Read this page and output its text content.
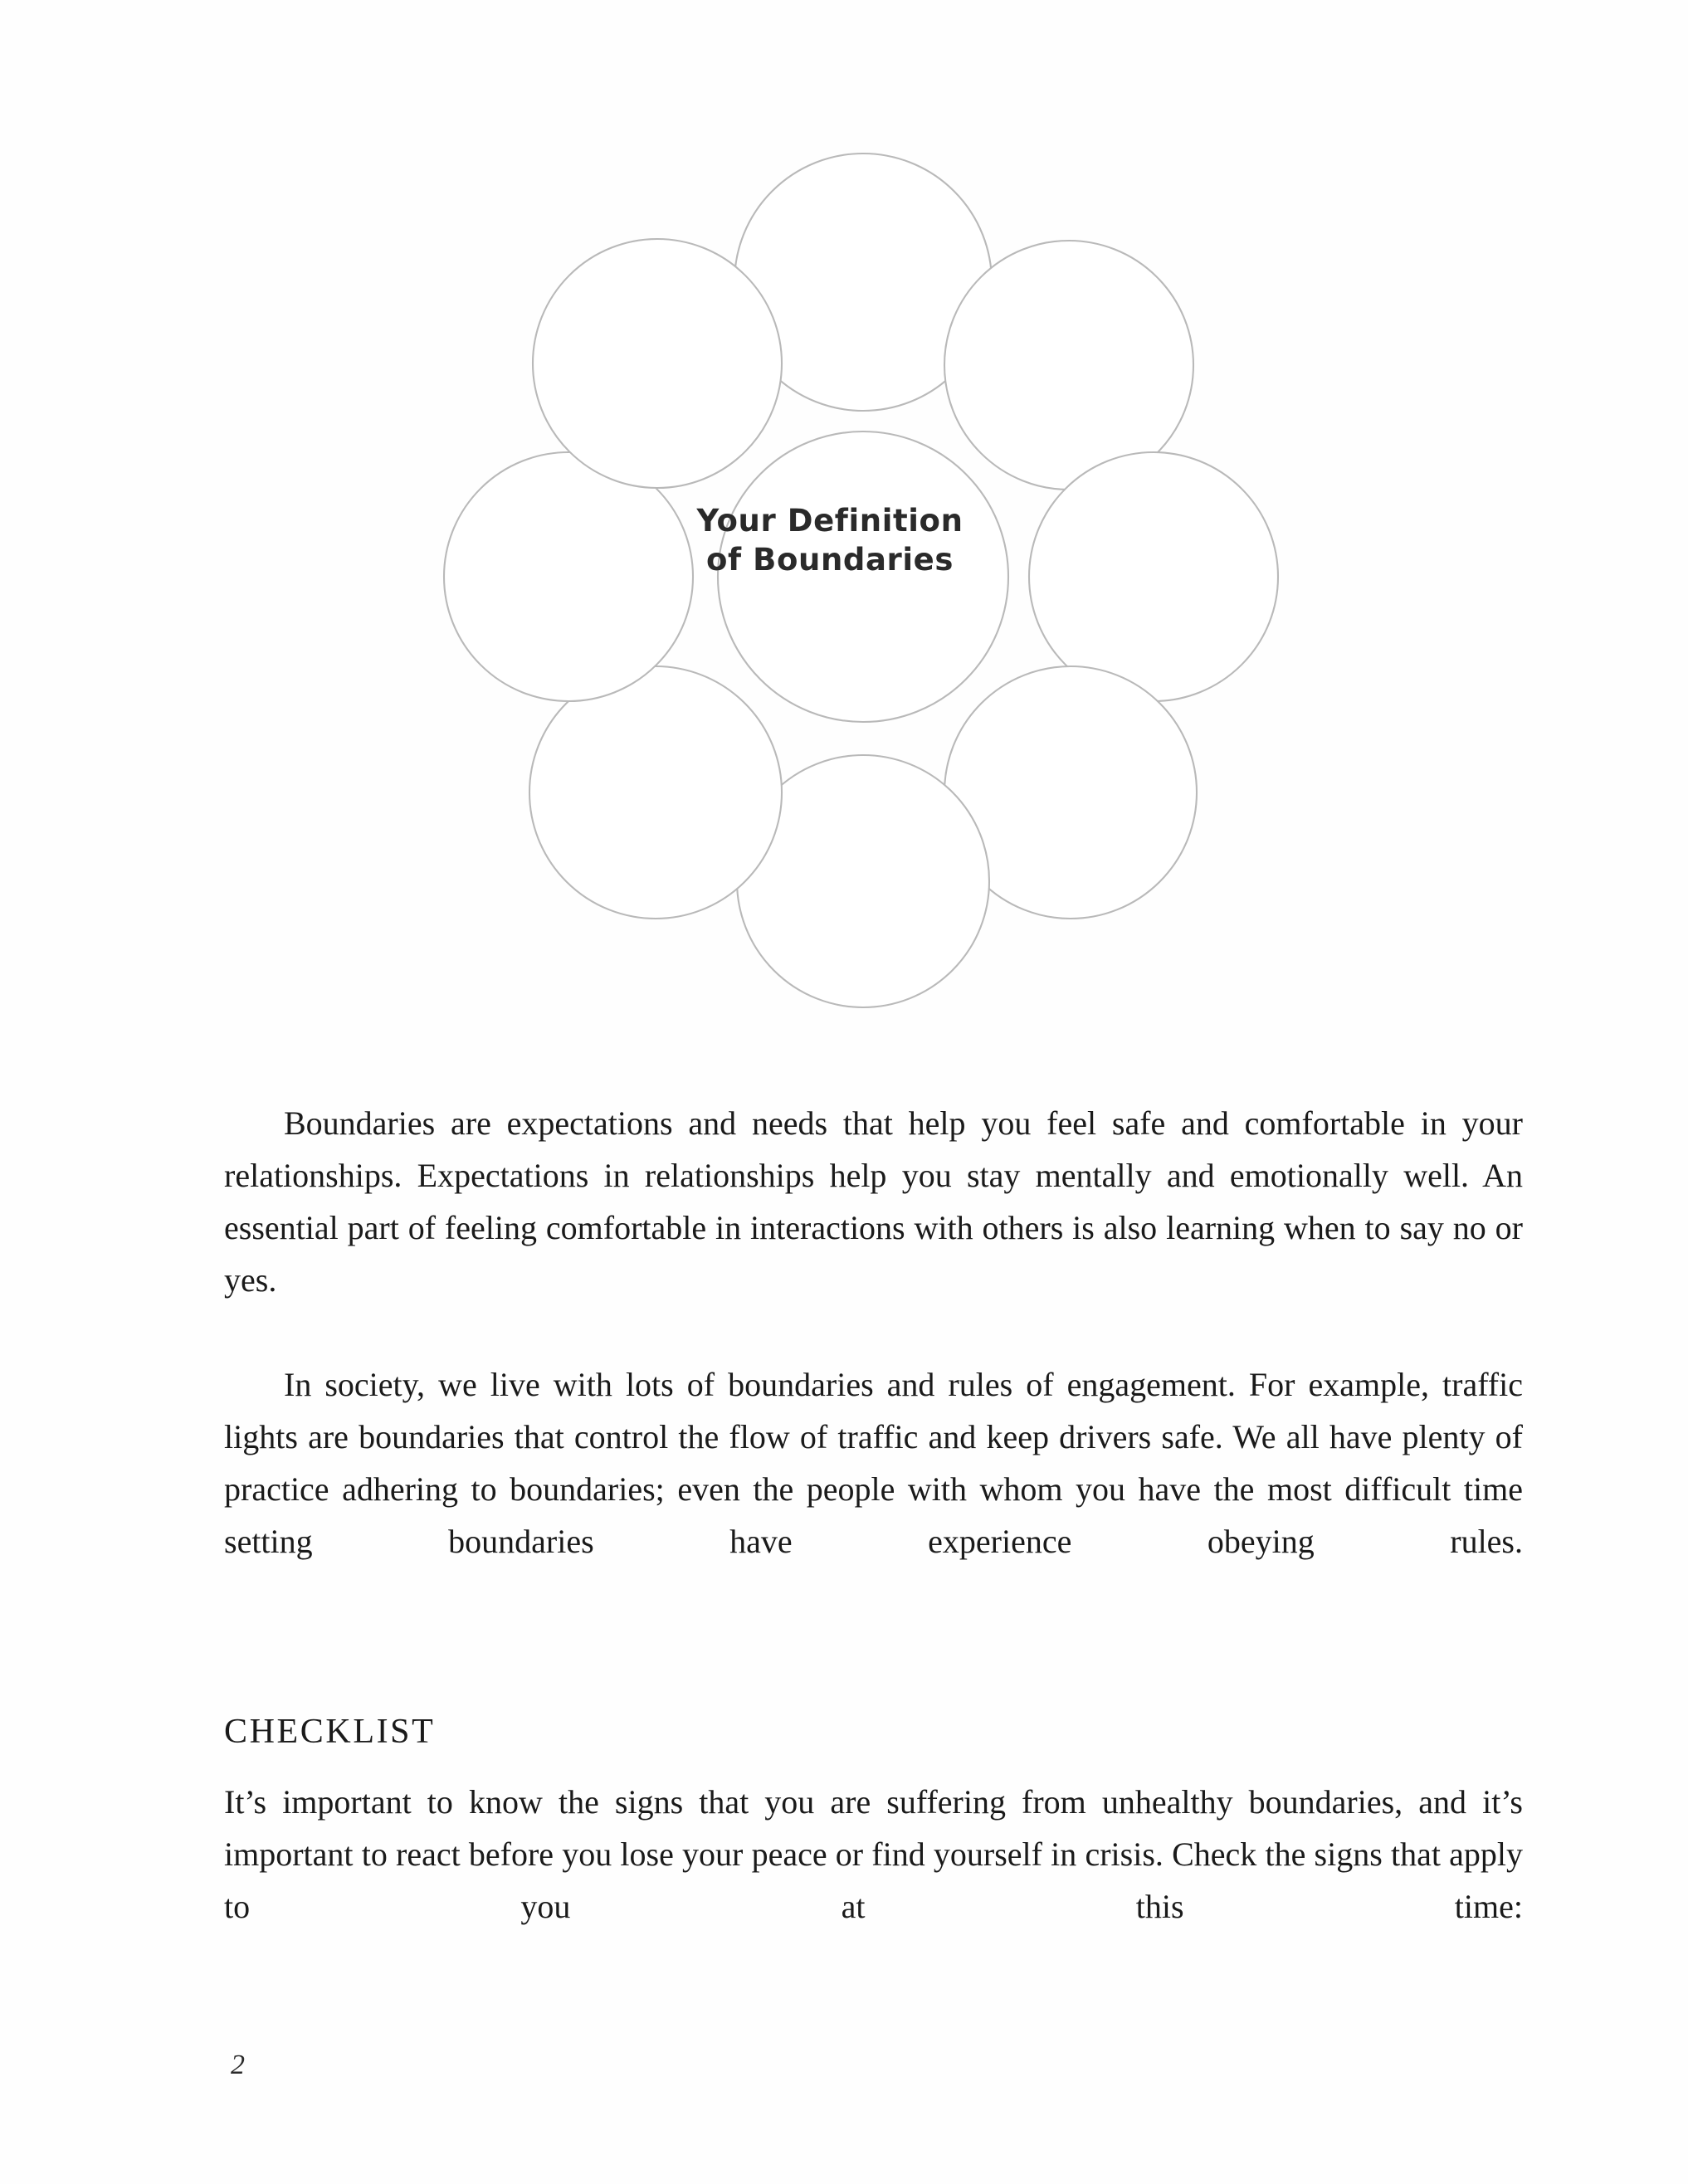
Your Definition
of Boundaries

Boundaries are expectations and needs that help you feel safe and comfortable in your relationships. Expectations in relationships help you stay mentally and emotionally well. An essential part of feeling comfortable in interactions with others is also learning when to say no or yes.

In society, we live with lots of boundaries and rules of engagement. For example, traffic lights are boundaries that control the flow of traffic and keep drivers safe. We all have plenty of practice adhering to boundaries; even the people with whom you have the most difficult time setting boundaries have experience obeying rules.

CHECKLIST

It’s important to know the signs that you are suffering from unhealthy boundaries, and it’s important to react before you lose your peace or find yourself in crisis. Check the signs that apply to you at this time:

2
